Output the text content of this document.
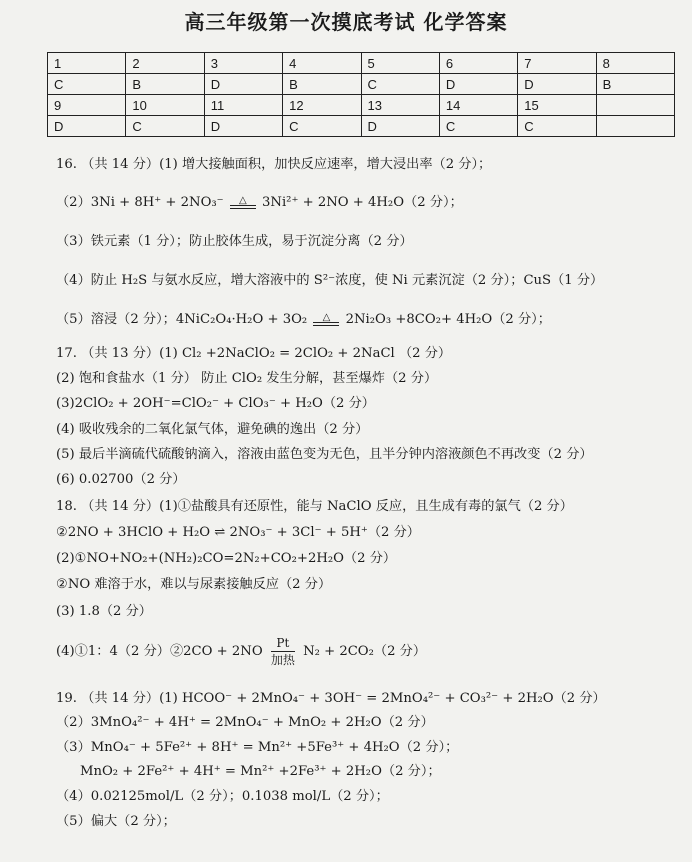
高三年级第一次摸底考试 化学答案
1	2	3	4	5	6	7	8
C	B	D	B	C	D	D	B
9	10	11	12	13	14	15	
D	C	D	C	D	C	C	
16. （共 14 分）(1) 增大接触面积，加快反应速率，增大浸出率（2 分）；
（2）3Ni + 8H⁺ + 2NO₃⁻ △ 3Ni²⁺ + 2NO + 4H₂O（2 分）；
（3）铁元素（1 分）；防止胶体生成，易于沉淀分离（2 分）
（4）防止 H₂S 与氨水反应，增大溶液中的 S²⁻浓度，使 Ni 元素沉淀（2 分）；CuS（1 分）
（5）溶浸（2 分）；4NiC₂O₄·H₂O + 3O₂ △ 2Ni₂O₃ +8CO₂+ 4H₂O（2 分）；
17. （共 13 分）(1) Cl₂ +2NaClO₂ = 2ClO₂ + 2NaCl （2 分）
(2) 饱和食盐水（1 分） 防止 ClO₂ 发生分解，甚至爆炸（2 分）
(3)2ClO₂ + 2OH⁻=ClO₂⁻ + ClO₃⁻ + H₂O（2 分）
(4) 吸收残余的二氧化氯气体，避免碘的逸出（2 分）
(5) 最后半滴硫代硫酸钠滴入，溶液由蓝色变为无色，且半分钟内溶液颜色不再改变（2 分）
(6) 0.02700（2 分）
18. （共 14 分）(1)①盐酸具有还原性，能与 NaClO 反应，且生成有毒的氯气（2 分）
②2NO + 3HClO + H₂O ⇌ 2NO₃⁻ + 3Cl⁻ + 5H⁺（2 分）
(2)①NO+NO₂+(NH₂)₂CO=2N₂+CO₂+2H₂O（2 分）
②NO 难溶于水，难以与尿素接触反应（2 分）
(3) 1.8（2 分）
(4)①1：4（2 分）②2CO + $2NO \frac{Pt}{\text{加热}} N_2 + 2CO_2(2$ 分）
19. （共 14 分）(1) HCOO⁻ + 2MnO₄⁻ + 3OH⁻ = 2MnO₄²⁻ + CO₃²⁻ + 2H₂O（2 分）
（2）3MnO₄²⁻ + 4H⁺ = 2MnO₄⁻ + MnO₂ + 2H₂O（2 分）
（3）MnO₄⁻ + 5Fe²⁺ + 8H⁺ = Mn²⁺ +5Fe³⁺ + 4H₂O（2 分）；
MnO₂ + 2Fe²⁺ + 4H⁺ = Mn²⁺ +2Fe³⁺ + 2H₂O（2 分）；
（4）0.02125mol/L（2 分）；0.1038 mol/L（2 分）；
（5）偏大（2 分）；
